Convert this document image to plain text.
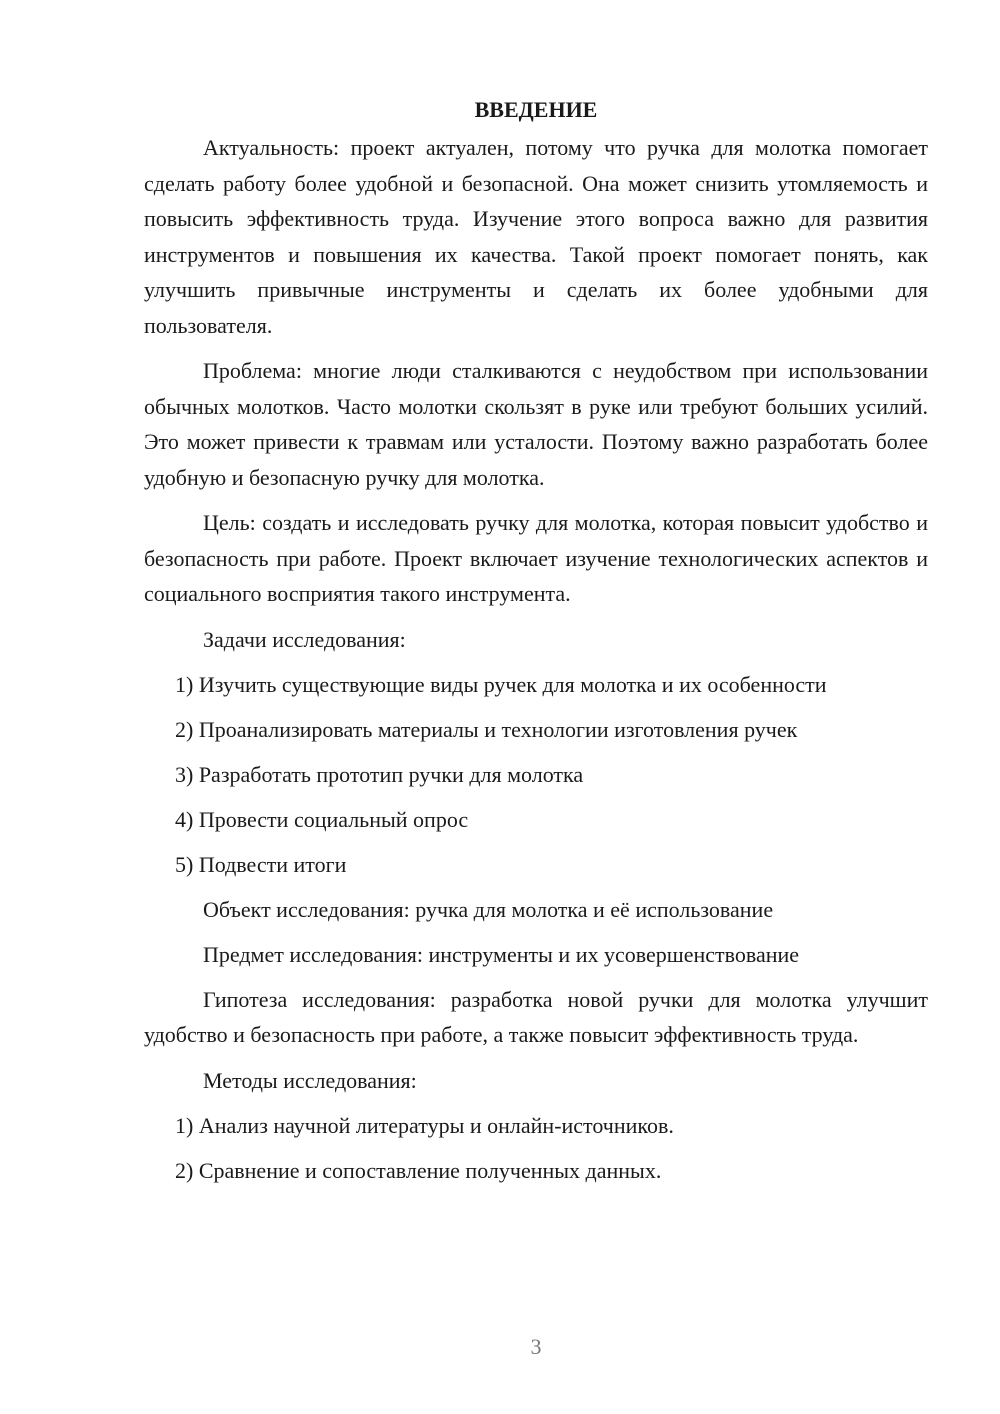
ВВЕДЕНИЕ

Актуальность: проект актуален, потому что ручка для молотка помогает сделать работу более удобной и безопасной. Она может снизить утомляемость и повысить эффективность труда. Изучение этого вопроса важно для развития инструментов и повышения их качества. Такой проект помогает понять, как улучшить привычные инструменты и сделать их более удобными для пользователя.

Проблема: многие люди сталкиваются с неудобством при использовании обычных молотков. Часто молотки скользят в руке или требуют больших усилий. Это может привести к травмам или усталости. Поэтому важно разработать более удобную и безопасную ручку для молотка.

Цель: создать и исследовать ручку для молотка, которая повысит удобство и безопасность при работе. Проект включает изучение технологических аспектов и социального восприятия такого инструмента.

Задачи исследования:
1) Изучить существующие виды ручек для молотка и их особенности
2) Проанализировать материалы и технологии изготовления ручек
3) Разработать прототип ручки для молотка
4) Провести социальный опрос
5) Подвести итоги
Объект исследования: ручка для молотка и её использование
Предмет исследования: инструменты и их усовершенствование

Гипотеза исследования: разработка новой ручки для молотка улучшит удобство и безопасность при работе, а также повысит эффективность труда.

Методы исследования:
1) Анализ научной литературы и онлайн-источников.
2) Сравнение и сопоставление полученных данных.
3
